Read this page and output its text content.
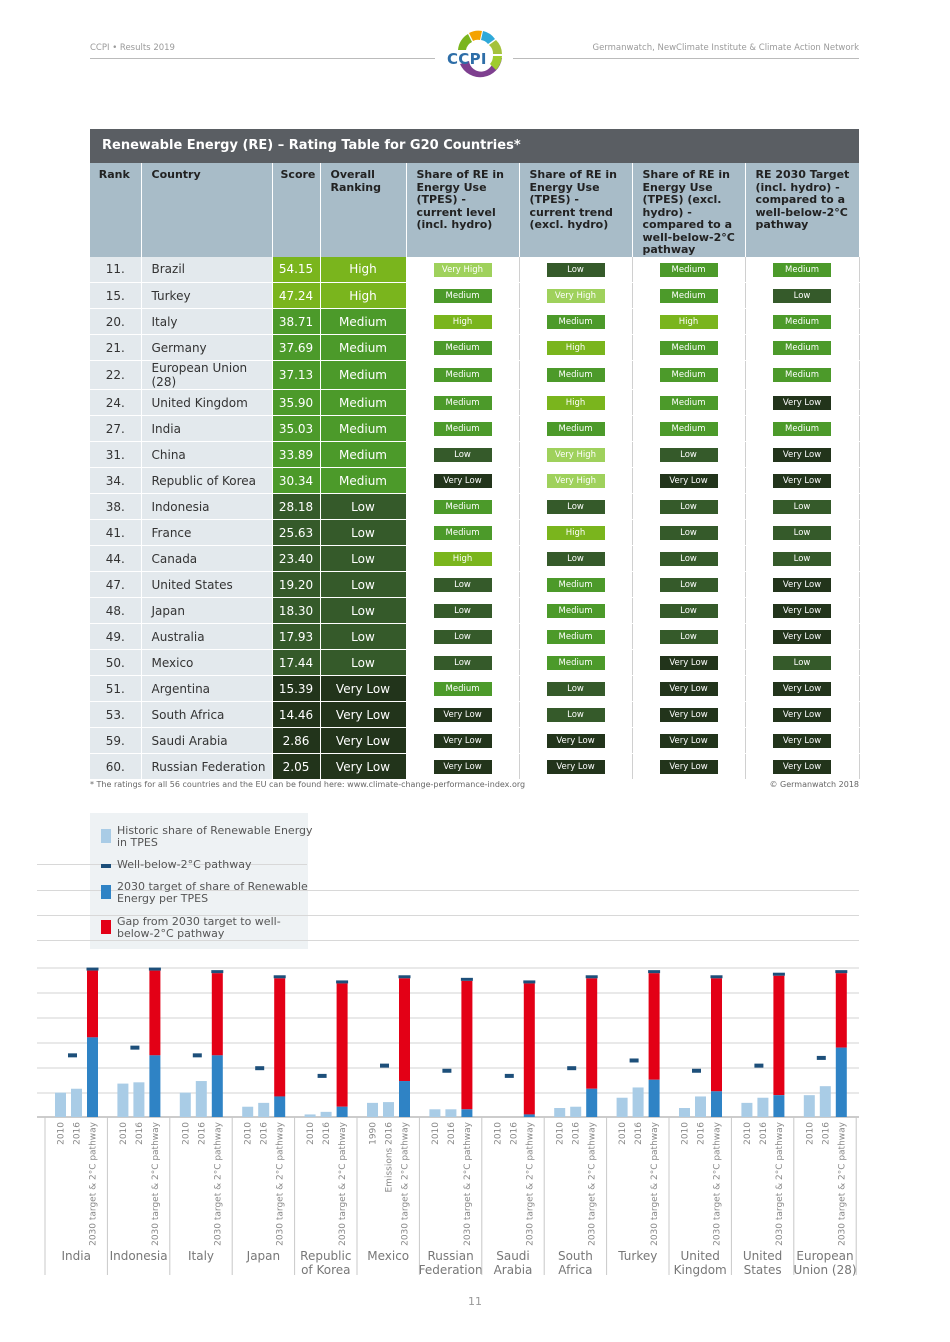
CCPI • Results 2019	Germanwatch, NewClimate Institute & Climate Action Network
CCPI
Renewable Energy (RE) – Rating Table for G20 Countries*
Rank	Country	Score	Overall Ranking	Share of RE in Energy Use (TPES) - current level (incl. hydro)	Share of RE in Energy Use (TPES) - current trend (excl. hydro)	Share of RE in Energy Use (TPES) (excl. hydro) - compared to a well-below-2°C pathway	RE 2030 Target (incl. hydro) - compared to a well-below-2°C pathway
11.	Brazil	54.15	High	Very High	Low	Medium	Medium
15.	Turkey	47.24	High	Medium	Very High	Medium	Low
20.	Italy	38.71	Medium	High	Medium	High	Medium
21.	Germany	37.69	Medium	Medium	High	Medium	Medium
22.	European Union (28)	37.13	Medium	Medium	Medium	Medium	Medium
24.	United Kingdom	35.90	Medium	Medium	High	Medium	Very Low
27.	India	35.03	Medium	Medium	Medium	Medium	Medium
31.	China	33.89	Medium	Low	Very High	Low	Very Low
34.	Republic of Korea	30.34	Medium	Very Low	Very High	Very Low	Very Low
38.	Indonesia	28.18	Low	Medium	Low	Low	Low
41.	France	25.63	Low	Medium	High	Low	Low
44.	Canada	23.40	Low	High	Low	Low	Low
47.	United States	19.20	Low	Low	Medium	Low	Very Low
48.	Japan	18.30	Low	Low	Medium	Low	Very Low
49.	Australia	17.93	Low	Low	Medium	Low	Very Low
50.	Mexico	17.44	Low	Low	Medium	Very Low	Low
51.	Argentina	15.39	Very Low	Medium	Low	Very Low	Very Low
53.	South Africa	14.46	Very Low	Very Low	Low	Very Low	Very Low
59.	Saudi Arabia	2.86	Very Low	Very Low	Very Low	Very Low	Very Low
60.	Russian Federation	2.05	Very Low	Very Low	Very Low	Very Low	Very Low
* The ratings for all 56 countries and the EU can be found here: www.climate-change-performance-index.org	© Germanwatch 2018
Historic share of Renewable Energy in TPES
Well-below-2°C pathway
2030 target of share of Renewable Energy per TPES
Gap from 2030 target to well-below-2°C pathway
2010 2016 2030 target & 2°C pathway
India
2010 2016 2030 target & 2°C pathway
Indonesia
2010 2016 2030 target & 2°C pathway
Italy
2010 2016 2030 target & 2°C pathway
Japan
2010 2016 2030 target & 2°C pathway
Republic
of Korea
1990 Emissions 2016 2030 target & 2°C pathway
Mexico
2010 2016 2030 target & 2°C pathway
Russian
Federation
2010 2016 2030 target & 2°C pathway
Saudi
Arabia
2010 2016 2030 target & 2°C pathway
South
Africa
2010 2016 2030 target & 2°C pathway
Turkey
2010 2016 2030 target & 2°C pathway
United
Kingdom
2010 2016 2030 target & 2°C pathway
United
States
2010 2016 2030 target & 2°C pathway
European
Union (28)
11
